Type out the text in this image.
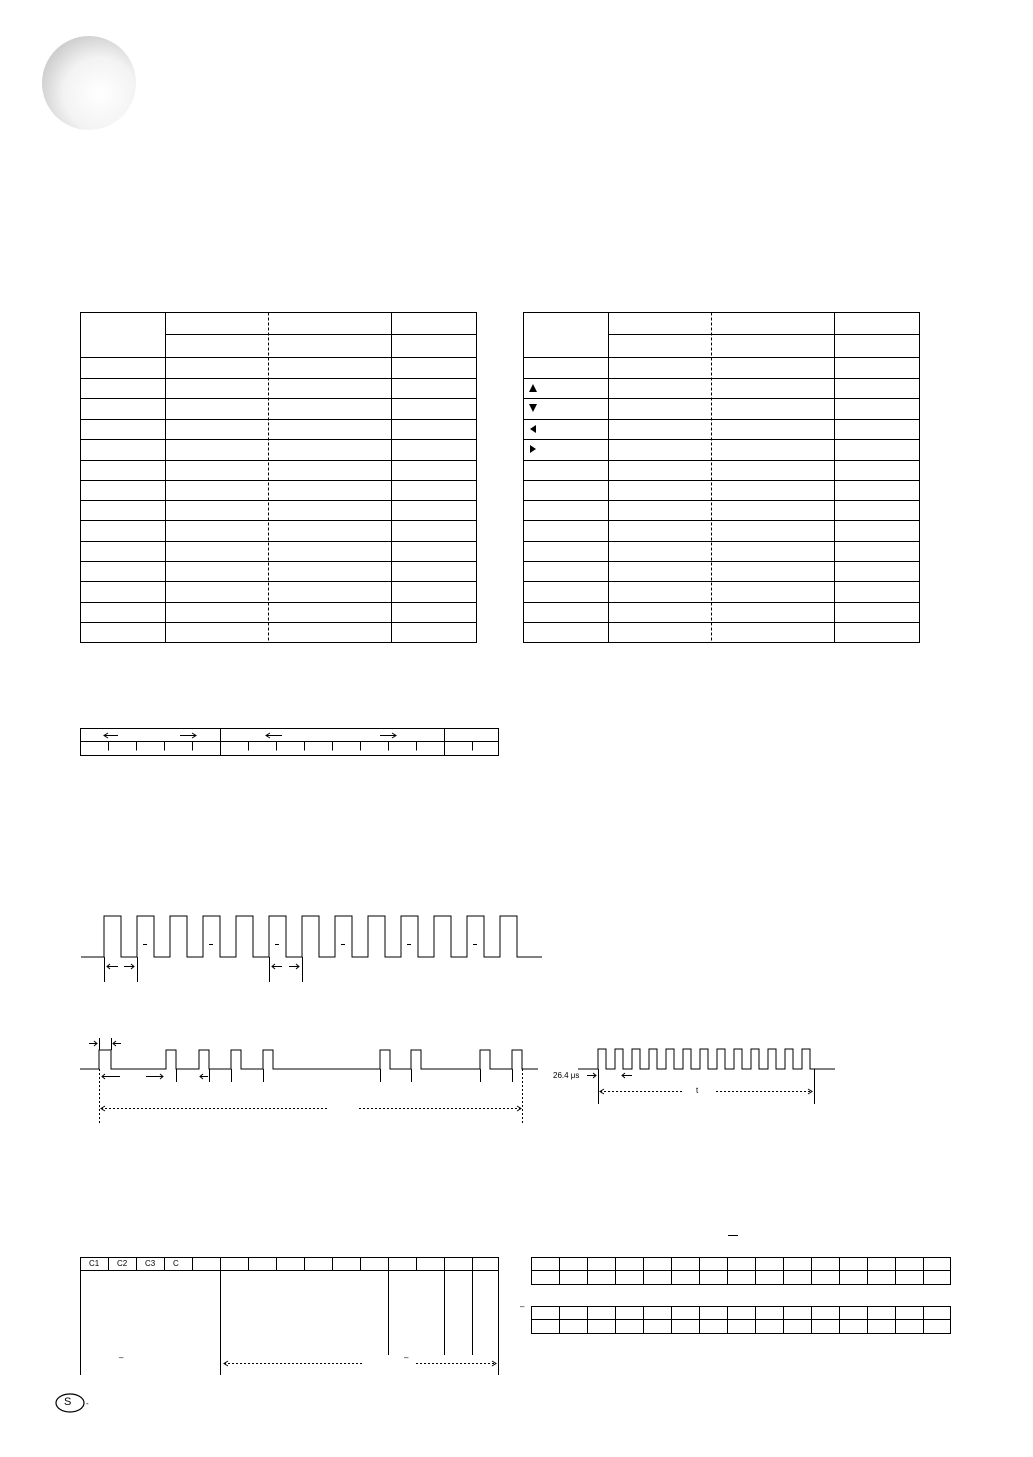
26.4 μs
t
C1 C2 C3 C
–	–
–
S -
